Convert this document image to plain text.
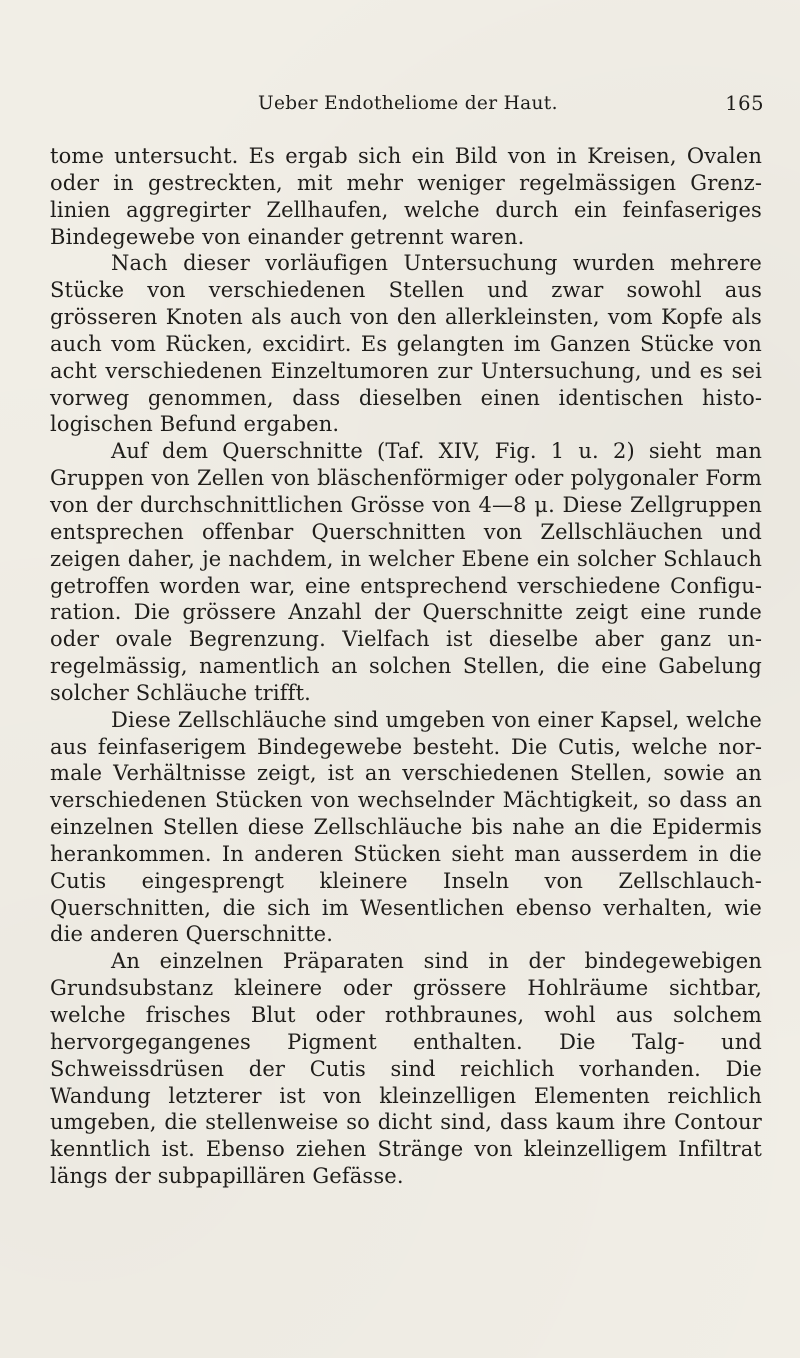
Ueber Endotheliome der Haut.	165

tome untersucht. Es ergab sich ein Bild von in Kreisen, Ovalen oder in gestreckten, mit mehr weniger regelmässigen Grenzlinien aggregirter Zellhaufen, welche durch ein feinfaseriges Bindegewebe von einander getrennt waren.

Nach dieser vorläufigen Untersuchung wurden mehrere Stücke von verschiedenen Stellen und zwar sowohl aus grösseren Knoten als auch von den allerkleinsten, vom Kopfe als auch vom Rücken, excidirt. Es gelangten im Ganzen Stücke von acht verschiedenen Einzeltumoren zur Untersuchung, und es sei vorweg genommen, dass dieselben einen identischen histologischen Befund ergaben.

Auf dem Querschnitte (Taf. XIV, Fig. 1 u. 2) sieht man Gruppen von Zellen von bläschenförmiger oder polygonaler Form von der durchschnittlichen Grösse von 4—8 μ. Diese Zellgruppen entsprechen offenbar Querschnitten von Zellschläuchen und zeigen daher, je nachdem, in welcher Ebene ein solcher Schlauch getroffen worden war, eine entsprechend verschiedene Configuration. Die grössere Anzahl der Querschnitte zeigt eine runde oder ovale Begrenzung. Vielfach ist dieselbe aber ganz unregelmässig, namentlich an solchen Stellen, die eine Gabelung solcher Schläuche trifft.

Diese Zellschläuche sind umgeben von einer Kapsel, welche aus feinfaserigem Bindegewebe besteht. Die Cutis, welche normale Verhältnisse zeigt, ist an verschiedenen Stellen, sowie an verschiedenen Stücken von wechselnder Mächtigkeit, so dass an einzelnen Stellen diese Zellschläuche bis nahe an die Epidermis herankommen. In anderen Stücken sieht man ausserdem in die Cutis eingesprengt kleinere Inseln von Zellschlauch-Querschnitten, die sich im Wesentlichen ebenso verhalten, wie die anderen Querschnitte.

An einzelnen Präparaten sind in der bindegewebigen Grundsubstanz kleinere oder grössere Hohlräume sichtbar, welche frisches Blut oder rothbraunes, wohl aus solchem hervorgegangenes Pigment enthalten. Die Talg- und Schweissdrüsen der Cutis sind reichlich vorhanden. Die Wandung letzterer ist von kleinzelligen Elementen reichlich umgeben, die stellenweise so dicht sind, dass kaum ihre Contour kenntlich ist. Ebenso ziehen Stränge von kleinzelligem Infiltrat längs der subpapillären Gefässe.
